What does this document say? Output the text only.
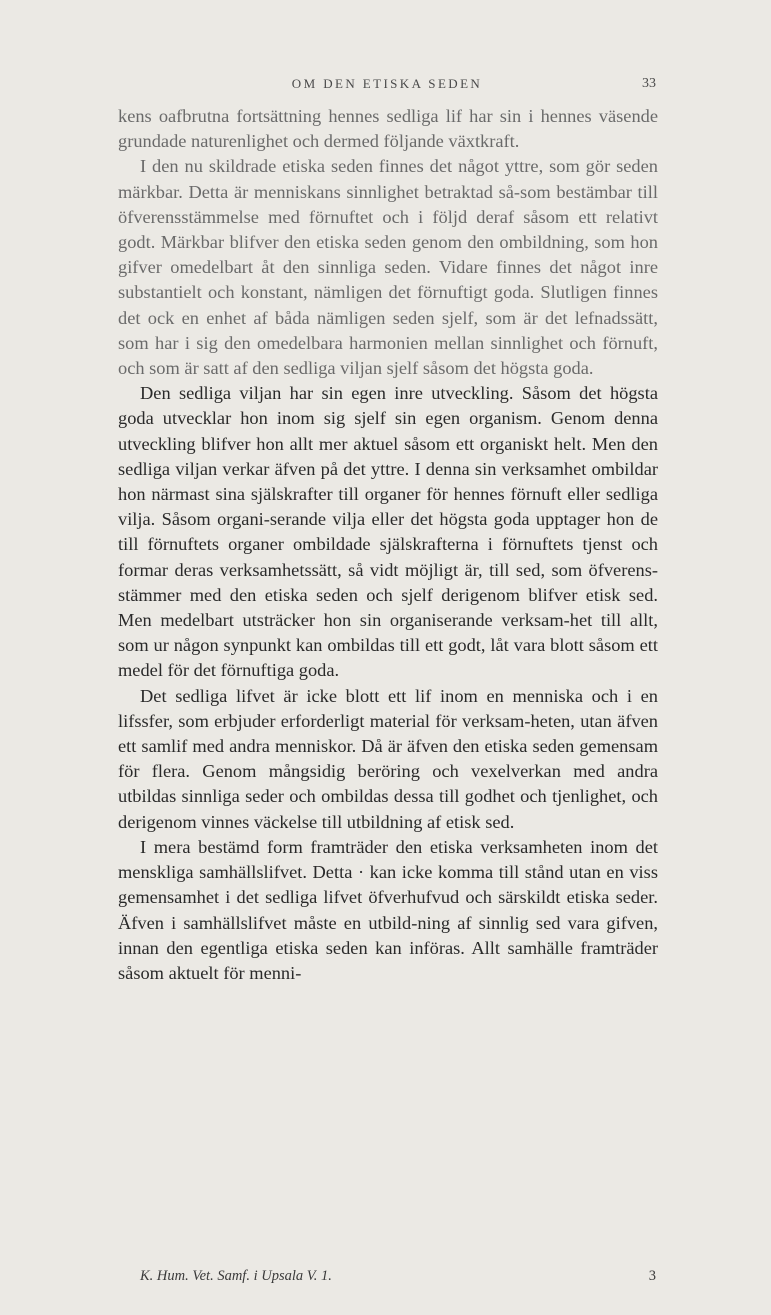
OM DEN ETISKA SEDEN	33

kens oafbrutna fortsättning hennes sedliga lif har sin i hennes väsende grundade naturenlighet och dermed följande växtkraft.

I den nu skildrade etiska seden finnes det något yttre, som gör seden märkbar. Detta är menniskans sinnlighet betraktad så-som bestämbar till öfverensstämmelse med förnuftet och i följd deraf såsom ett relativt godt. Märkbar blifver den etiska seden genom den ombildning, som hon gifver omedelbart åt den sinnliga seden. Vidare finnes det något inre substantielt och konstant, nämligen det förnuftigt goda. Slutligen finnes det ock en enhet af båda nämligen seden sjelf, som är det lefnadssätt, som har i sig den omedelbara harmonien mellan sinnlighet och förnuft, och som är satt af den sedliga viljan sjelf såsom det högsta goda.

Den sedliga viljan har sin egen inre utveckling. Såsom det högsta goda utvecklar hon inom sig sjelf sin egen organism. Genom denna utveckling blifver hon allt mer aktuel såsom ett organiskt helt. Men den sedliga viljan verkar äfven på det yttre. I denna sin verksamhet ombildar hon närmast sina själskrafter till organer för hennes förnuft eller sedliga vilja. Såsom organi-serande vilja eller det högsta goda upptager hon de till förnuftets organer ombildade själskrafterna i förnuftets tjenst och formar deras verksamhetssätt, så vidt möjligt är, till sed, som öfverens-stämmer med den etiska seden och sjelf derigenom blifver etisk sed. Men medelbart utsträcker hon sin organiserande verksam-het till allt, som ur någon synpunkt kan ombildas till ett godt, låt vara blott såsom ett medel för det förnuftiga goda.

Det sedliga lifvet är icke blott ett lif inom en menniska och i en lifssfer, som erbjuder erforderligt material för verksam-heten, utan äfven ett samlif med andra menniskor. Då är äfven den etiska seden gemensam för flera. Genom mångsidig beröring och vexelverkan med andra utbildas sinnliga seder och ombildas dessa till godhet och tjenlighet, och derigenom vinnes väckelse till utbildning af etisk sed.

I mera bestämd form framträder den etiska verksamheten inom det menskliga samhällslifvet. Detta · kan icke komma till stånd utan en viss gemensamhet i det sedliga lifvet öfverhufvud och särskildt etiska seder. Äfven i samhällslifvet måste en utbild-ning af sinnlig sed vara gifven, innan den egentliga etiska seden kan införas. Allt samhälle framträder såsom aktuelt för menni-

K. Hum. Vet. Samf. i Upsala V. 1.	3
